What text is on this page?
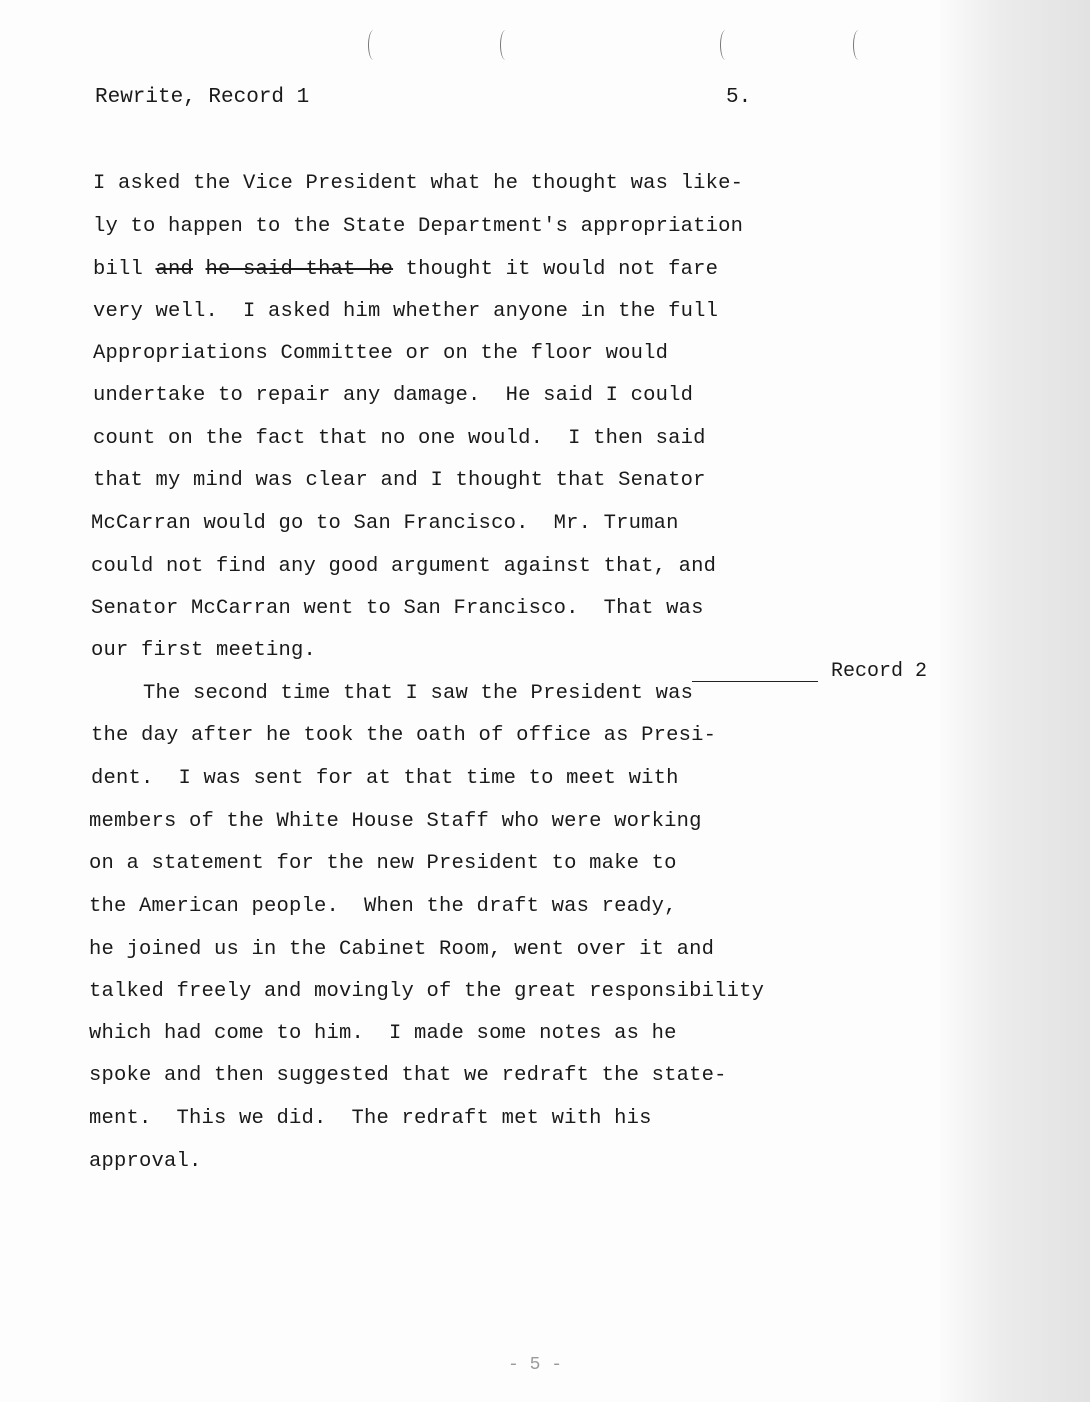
Rewrite, Record 1	5.
I asked the Vice President what he thought was like-
ly to happen to the State Department's appropriation
bill and he said that he thought it would not fare
very well.  I asked him whether anyone in the full
Appropriations Committee or on the floor would
undertake to repair any damage.  He said I could
count on the fact that no one would.  I then said
that my mind was clear and I thought that Senator
McCarran would go to San Francisco.  Mr. Truman
could not find any good argument against that, and
Senator McCarran went to San Francisco.  That was
our first meeting.
Record 2
The second time that I saw the President was
the day after he took the oath of office as Presi-
dent.  I was sent for at that time to meet with
members of the White House Staff who were working
on a statement for the new President to make to
the American people.  When the draft was ready,
he joined us in the Cabinet Room, went over it and
talked freely and movingly of the great responsibility
which had come to him.  I made some notes as he
spoke and then suggested that we redraft the state-
ment.  This we did.  The redraft met with his
approval.
- 5 -
